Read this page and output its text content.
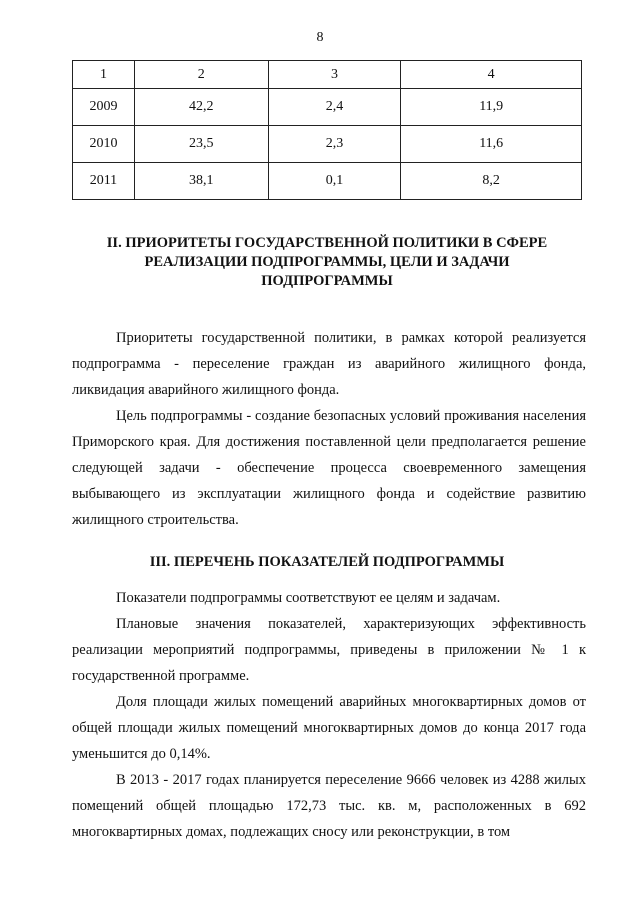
8
1	2	3	4
2009	42,2	2,4	11,9
2010	23,5	2,3	11,6
2011	38,1	0,1	8,2
II. ПРИОРИТЕТЫ ГОСУДАРСТВЕННОЙ ПОЛИТИКИ В СФЕРЕ
РЕАЛИЗАЦИИ ПОДПРОГРАММЫ, ЦЕЛИ И ЗАДАЧИ
ПОДПРОГРАММЫ
Приоритеты государственной политики, в рамках которой реализуется подпрограмма - переселение граждан из аварийного жилищного фонда, ликвидация аварийного жилищного фонда.
Цель подпрограммы - создание безопасных условий проживания населения Приморского края. Для достижения поставленной цели предполагается решение следующей задачи - обеспечение процесса своевременного замещения выбывающего из эксплуатации жилищного фонда и содействие развитию жилищного строительства.
III. ПЕРЕЧЕНЬ ПОКАЗАТЕЛЕЙ ПОДПРОГРАММЫ
Показатели подпрограммы соответствуют ее целям и задачам.
Плановые значения показателей, характеризующих эффективность реализации мероприятий подпрограммы, приведены в приложении № 1 к государственной программе.
Доля площади жилых помещений аварийных многоквартирных домов от общей площади жилых помещений многоквартирных домов до конца 2017 года уменьшится до 0,14%.
В 2013 - 2017 годах планируется переселение 9666 человек из 4288 жилых помещений общей площадью 172,73 тыс. кв. м, расположенных в 692 многоквартирных домах, подлежащих сносу или реконструкции, в том
